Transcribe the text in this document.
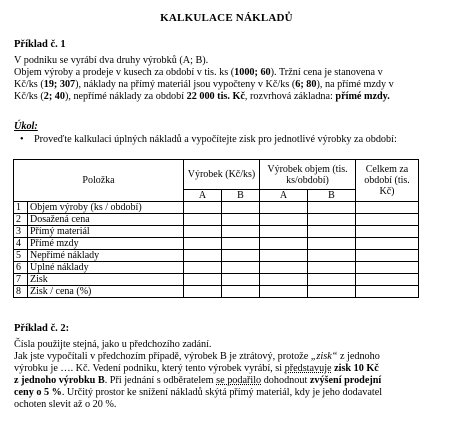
KALKULACE NÁKLADŮ
Příklad č. 1

V podniku se vyrábí dva druhy výrobků (A; B).

Objem výroby a prodeje v kusech za období v tis. ks (1000; 60). Tržní cena je stanovena v

Kč/ks (19; 307), náklady na přímý materiál jsou vypočteny v Kč/ks (6; 80), na přímé mzdy v

Kč/ks (2; 40), nepřímé náklady za období 22 000 tis. Kč, rozvrhová základna: přímé mzdy.

Úkol:
• Proveďte kalkulaci úplných nákladů a vypočítejte zisk pro jednotlivé výrobky za období:
Položka		Výrobek (Kč/ks)		Výrobek objem (tis. ks/období)		Celkem za období (tis. Kč)
		A	B	A	B	
1	Objem výroby (ks / období)					
2	Dosažená cena					
3	Přímý materiál					
4	Přímé mzdy					
5	Nepřímé náklady					
6	Úplné náklady					
7	Zisk					
8	Zisk / cena (%)					
Příklad č. 2:

Čísla použijte stejná, jako u předchozího zadání.

Jak jste vypočítali v předchozím případě, výrobek B je ztrátový, protože „zisk“ z jednoho

výrobku je …. Kč. Vedení podniku, který tento výrobek vyrábí, si představuje zisk 10 Kč

z jednoho výrobku B. Při jednání s odběratelem se podařilo dohodnout zvýšení prodejní

ceny o 5 %. Určitý prostor ke snížení nákladů skýtá přímý materiál, kdy je jeho dodavatel

ochoten slevit až o 20 %.
